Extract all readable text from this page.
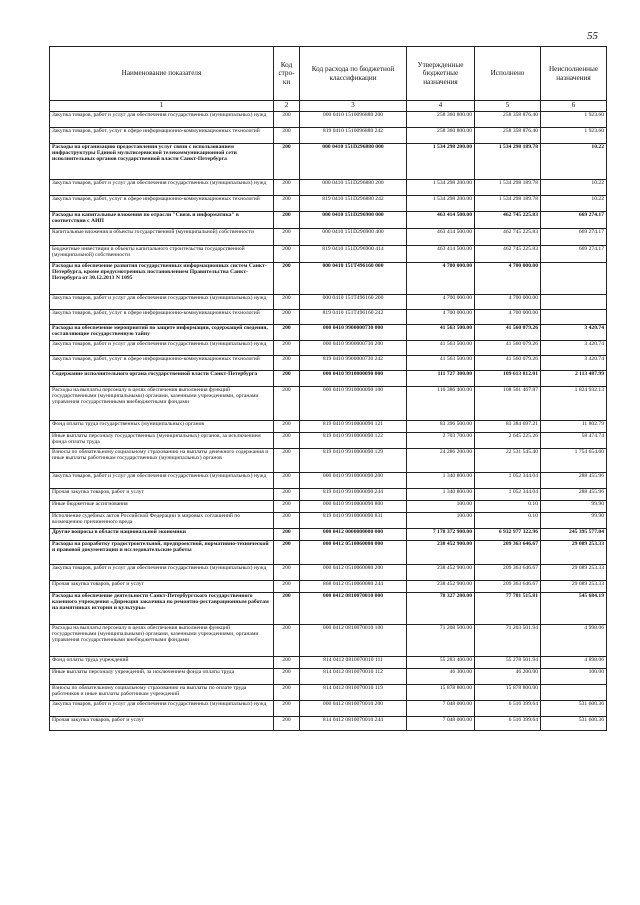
55
Наименование показателя	Код стро-ки	Код расхода по бюджетной классификации	Утвержденные бюджетные назначения	Исполнено	Неисполненные назначения
1	2	3	4	5	6
Закупка товаров, работ и услуг для обеспечения государственных (муниципальных) нужд	200	000 0410 1510096880 200	258 360 800.00	258 358 876.40	1 923.60
Закупка товаров, работ, услуг в сфере информационно-коммуникационных технологий	200	819 0410 1510096880 242	258 360 800.00	258 358 876.40	1 923.60
Расходы на организацию предоставления услуг связи с использованием инфраструктуры Единой мультисервисной телекоммуникационной сети исполнительных органов государственной власти Санкт-Петербурга	200	000 0410 151D296880 000	1 534 298 200.00	1 534 298 189.78	10.22
Закупка товаров, работ и услуг для обеспечения государственных (муниципальных) нужд	200	000 0410 151D296880 200	1 534 298 200.00	1 534 298 189.78	10.22
Закупка товаров, работ, услуг в сфере информационно-коммуникационных технологий	200	819 0410 151D296880 242	1 534 298 200.00	1 534 298 189.78	10.22
Расходы на капитальные вложения по отрасли "Связь и информатика" в соответствии с АИП	200	000 0410 151D296900 000	463 414 500.00	462 745 225.83	669 274.17
Капитальные вложения в объекты государственной (муниципальной) собственности	200	000 0410 151D296900 400	463 414 500.00	462 745 225.83	669 274.17
Бюджетные инвестиции в объекты капитального строительства государственной (муниципальной) собственности	200	819 0410 151D296900 414	463 414 500.00	462 745 225.83	669 274.17
Расходы на обеспечение развития государственных информационных систем Санкт-Петербурга, кроме предусмотренных постановлением Правительства Санкт-Петербурга от 30.12.2013 N 1095	200	000 0410 151T496160 000	4 700 000.00	4 700 000.00	
Закупка товаров, работ и услуг для обеспечения государственных (муниципальных) нужд	200	000 0410 151T496160 200	4 700 000.00	4 700 000.00	
Закупка товаров, работ, услуг в сфере информационно-коммуникационных технологий	200	819 0410 151T496160 242	4 700 000.00	4 700 000.00	
Расходы на обеспечение мероприятий по защите информации, содержащей сведения, составляющие государственную тайну	200	000 0410 9900000730 000	41 563 500.00	41 560 079.26	3 420.74
Закупка товаров, работ и услуг для обеспечения государственных (муниципальных) нужд	200	000 0410 9900000730 200	41 563 500.00	41 560 079.26	3 420.74
Закупка товаров, работ, услуг в сфере информационно-коммуникационных технологий	200	819 0410 9900000730 242	41 563 500.00	41 560 079.26	3 420.74
Содержание исполнительного органа государственной власти Санкт-Петербурга	200	000 0410 9910000090 000	111 727 300.00	109 613 812.01	2 113 487.99
Расходы на выплаты персоналу в целях обеспечения выполнения функций государственными (муниципальными) органами, казенными учреждениями, органами управления государственными внебюджетными фондами	200	000 0410 9910000090 100	110 386 400.00	108 561 467.87	1 824 932.13
Фонд оплаты труда государственных (муниципальных) органов	200	819 0410 9910000090 121	83 396 500.00	83 384 697.21	11 802.79
Иные выплаты персоналу государственных (муниципальных) органов, за исключением фонда оплаты труда	200	819 0410 9910000090 122	2 703 700.00	2 645 225.26	58 474.74
Взносы по обязательному социальному страхованию на выплаты денежного содержания и иные выплаты работникам государственных (муниципальных) органов	200	819 0410 9910000090 129	24 286 200.00	22 531 545.40	1 754 654.60
Закупка товаров, работ и услуг для обеспечения государственных (муниципальных) нужд	200	000 0410 9910000090 200	1 340 800.00	1 052 344.04	288 455.96
Прочая закупка товаров, работ и услуг	200	819 0410 9910000090 244	1 340 800.00	1 052 344.04	288 455.96
Иные бюджетные ассигнования	200	000 0410 9910000090 800	100.00	0.10	99.90
Исполнение судебных актов Российской Федерации и мировых соглашений по возмещению причиненного вреда	200	819 0410 9910000090 831	100.00	0.10	99.90
Другие вопросы в области национальной экономики	200	000 0412 0000000000 000	7 178 372 900.00	6 932 977 322.96	245 395 577.04
Расходы на разработку градостроительной, предпроектной, нормативно-технической и правовой документации и исследовательские работы	200	000 0412 0510060080 000	238 452 900.00	209 363 646.67	29 089 253.33
Закупка товаров, работ и услуг для обеспечения государственных (муниципальных) нужд	200	000 0412 0510060080 200	238 452 900.00	209 363 646.67	29 089 253.33
Прочая закупка товаров, работ и услуг	200	868 0412 0510060080 244	238 452 900.00	209 363 646.67	29 089 253.33
Расходы на обеспечение деятельности Санкт-Петербургского государственного казенного учреждения «Дирекция заказчика по ремонтно-реставрационным работам на памятниках истории и культуры»	200	000 0412 0810070010 000	78 327 200.00	77 781 515.81	545 684.19
Расходы на выплаты персоналу в целях обеспечения выполнения функций государственными (муниципальными) органами, казенными учреждениями, органами управления государственными внебюджетными фондами	200	000 0412 0810070010 100	71 208 500.00	71 203 501.94	4 998.06
Фонд оплаты труда учреждений	200	814 0412 0810070010 111	55 283 400.00	55 278 501.94	4 898.06
Иные выплаты персоналу учреждений, за исключением фонда оплаты труда	200	814 0412 0810070010 112	46 300.00	46 200.00	100.00
Взносы по обязательному социальному страхованию на выплаты по оплате труда работников и иные выплаты работникам учреждений	200	814 0412 0810070010 119	15 878 800.00	15 878 800.00	
Закупка товаров, работ и услуг для обеспечения государственных (муниципальных) нужд	200	000 0412 0810070010 200	7 048 000.00	6 516 399.64	531 600.36
Прочая закупка товаров, работ и услуг	200	814 0412 0810070010 244	7 048 000.00	6 516 399.64	531 600.36
